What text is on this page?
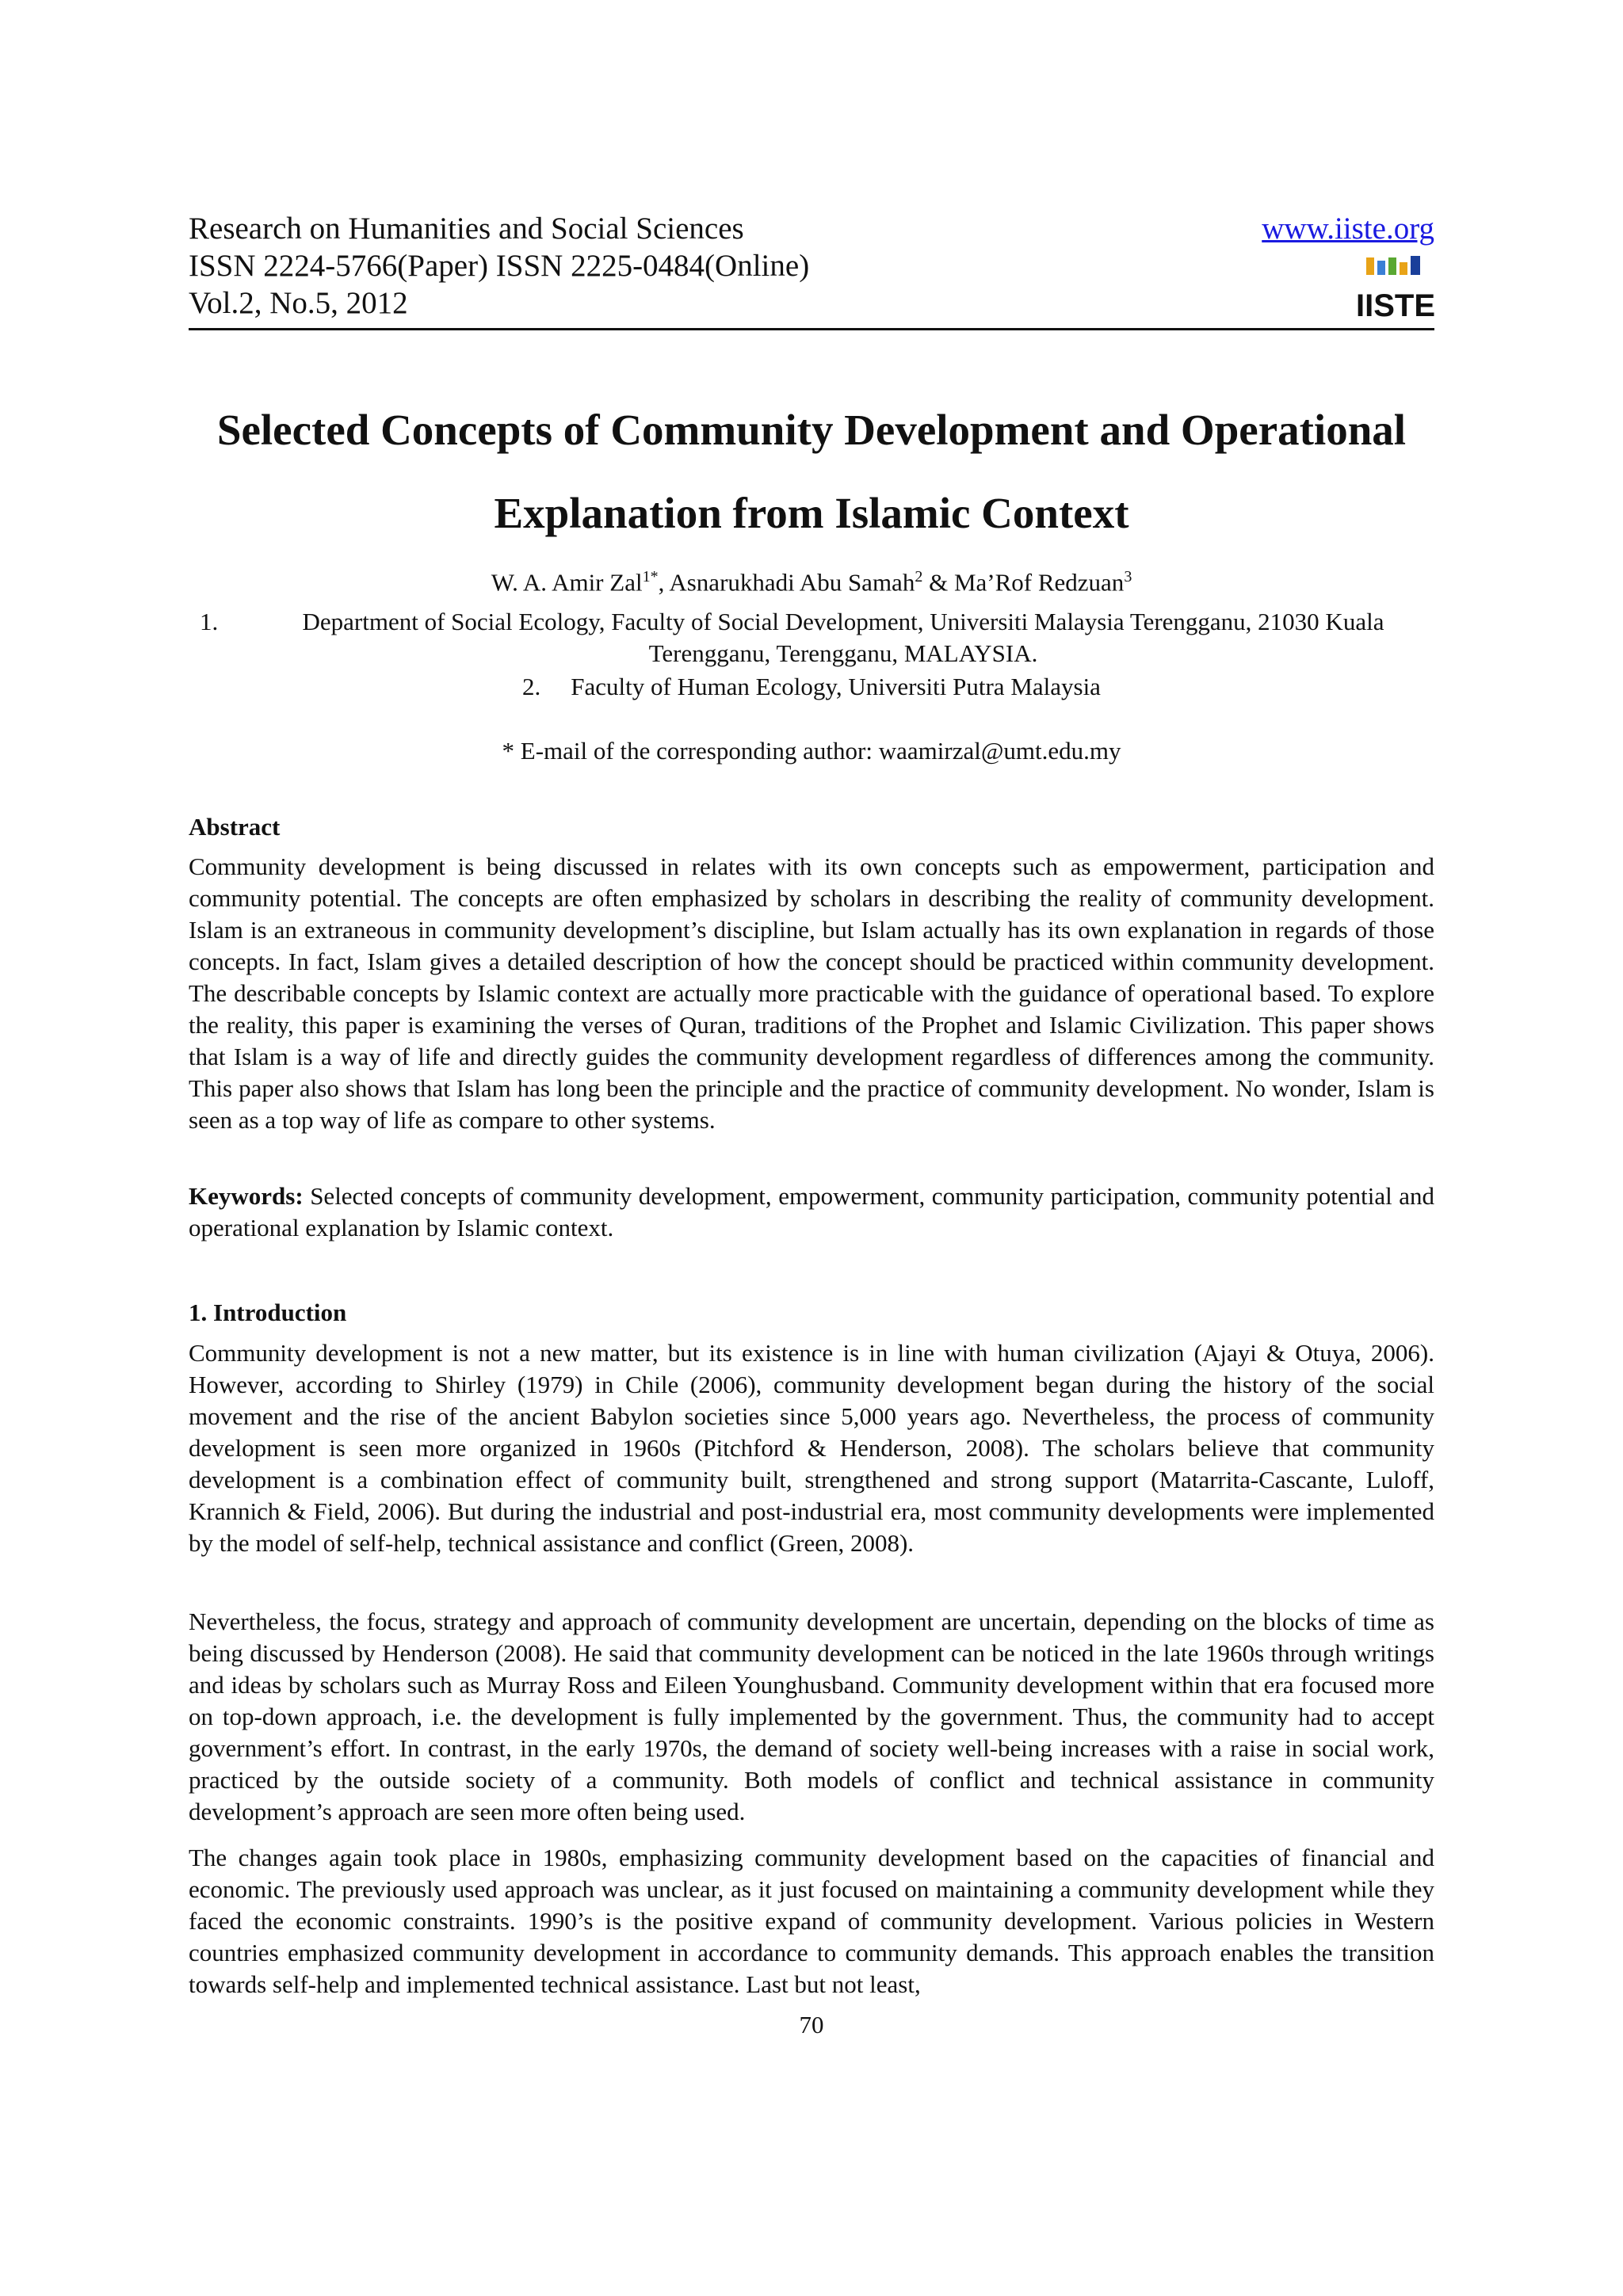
Research on Humanities and Social Sciences
ISSN 2224-5766(Paper) ISSN 2225-0484(Online)
Vol.2, No.5, 2012
www.iiste.org
IISTE
Selected Concepts of Community Development and Operational
Explanation from Islamic Context
W. A. Amir Zal$^{1*}$, Asnarukhadi Abu Samah$^2$ & Ma’Rof Redzuan$^3$
1.	Department of Social Ecology, Faculty of Social Development, Universiti Malaysia Terengganu, 21030 Kuala Terengganu, Terengganu, MALAYSIA.
2. Faculty of Human Ecology, Universiti Putra Malaysia
* E-mail of the corresponding author: waamirzal@umt.edu.my
Abstract
Community development is being discussed in relates with its own concepts such as empowerment, participation and community potential. The concepts are often emphasized by scholars in describing the reality of community development. Islam is an extraneous in community development’s discipline, but Islam actually has its own explanation in regards of those concepts. In fact, Islam gives a detailed description of how the concept should be practiced within community development. The describable concepts by Islamic context are actually more practicable with the guidance of operational based. To explore the reality, this paper is examining the verses of Quran, traditions of the Prophet and Islamic Civilization. This paper shows that Islam is a way of life and directly guides the community development regardless of differences among the community. This paper also shows that Islam has long been the principle and the practice of community development. No wonder, Islam is seen as a top way of life as compare to other systems.
Keywords: Selected concepts of community development, empowerment, community participation, community potential and operational explanation by Islamic context.
1. Introduction
Community development is not a new matter, but its existence is in line with human civilization (Ajayi & Otuya, 2006). However, according to Shirley (1979) in Chile (2006), community development began during the history of the social movement and the rise of the ancient Babylon societies since 5,000 years ago. Nevertheless, the process of community development is seen more organized in 1960s (Pitchford & Henderson, 2008). The scholars believe that community development is a combination effect of community built, strengthened and strong support (Matarrita-Cascante, Luloff, Krannich & Field, 2006). But during the industrial and post-industrial era, most community developments were implemented by the model of self-help, technical assistance and conflict (Green, 2008).
Nevertheless, the focus, strategy and approach of community development are uncertain, depending on the blocks of time as being discussed by Henderson (2008). He said that community development can be noticed in the late 1960s through writings and ideas by scholars such as Murray Ross and Eileen Younghusband. Community development within that era focused more on top-down approach, i.e. the development is fully implemented by the government. Thus, the community had to accept government’s effort. In contrast, in the early 1970s, the demand of society well-being increases with a raise in social work, practiced by the outside society of a community. Both models of conflict and technical assistance in community development’s approach are seen more often being used.
The changes again took place in 1980s, emphasizing community development based on the capacities of financial and economic. The previously used approach was unclear, as it just focused on maintaining a community development while they faced the economic constraints. 1990’s is the positive expand of community development. Various policies in Western countries emphasized community development in accordance to community demands. This approach enables the transition towards self-help and implemented technical assistance. Last but not least,
70
